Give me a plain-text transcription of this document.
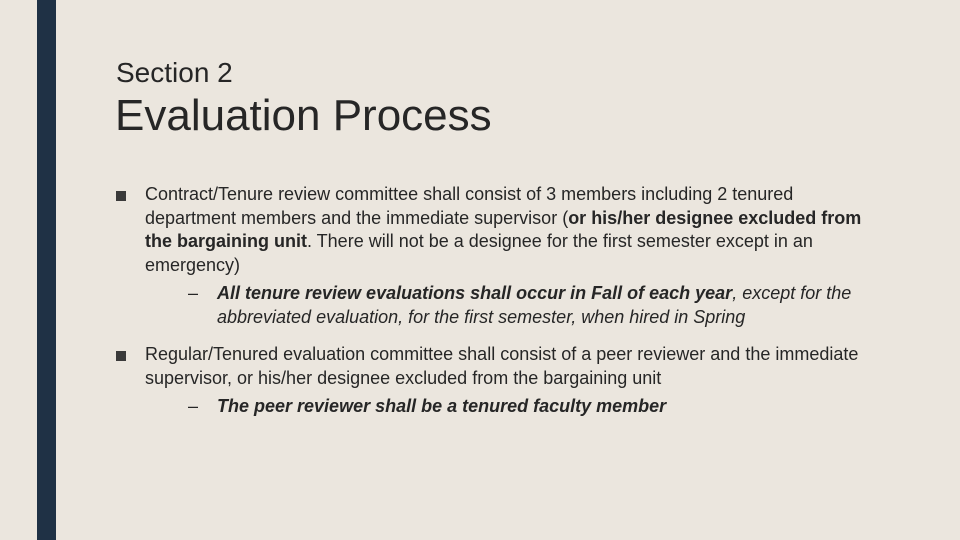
Section 2
Evaluation Process
Contract/Tenure review committee shall consist of 3 members including 2 tenured department members and the immediate supervisor (or his/her designee excluded from the bargaining unit. There will not be a designee for the first semester except in an emergency)
– All tenure review evaluations shall occur in Fall of each year, except for the abbreviated evaluation, for the first semester, when hired in Spring
Regular/Tenured evaluation committee shall consist of a peer reviewer and the immediate supervisor, or his/her designee excluded from the bargaining unit
– The peer reviewer shall be a tenured faculty member
